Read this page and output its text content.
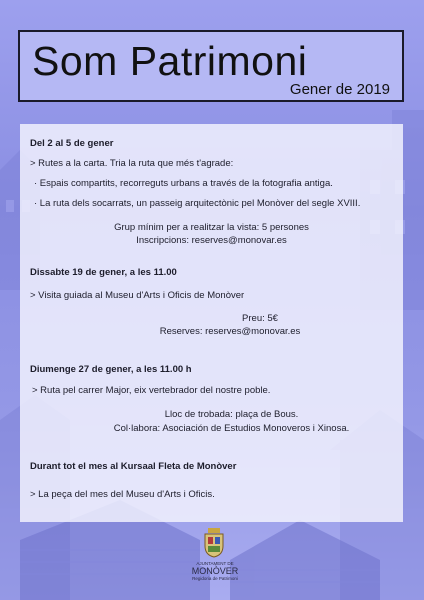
Som Patrimoni
Gener de 2019
Del 2 al 5 de gener
> Rutes a la carta. Tria la ruta que més t'agrade:
· Espais compartits, recorreguts urbans a través de la fotografia antiga.
· La ruta dels socarrats, un passeig arquitectònic pel Monòver del segle XVIII.
Grup mínim per a realitzar la vista: 5 persones
Inscripcions: reserves@monovar.es
Dissabte 19 de gener, a les 11.00
> Visita guiada al Museu d'Arts i Oficis de Monòver
Preu: 5€
Reserves: reserves@monovar.es
Diumenge 27 de gener, a les 11.00 h
> Ruta pel carrer Major, eix vertebrador del nostre poble.
Lloc de trobada: plaça de Bous.
Col·labora: Asociación de Estudios Monoveros i Xinosa.
Durant tot el mes al Kursaal Fleta de Monòver
> La peça del mes del Museu d'Arts i Oficis.
AJUNTAMENT DE
MONÒVER
Regidoria de Patrimoni
